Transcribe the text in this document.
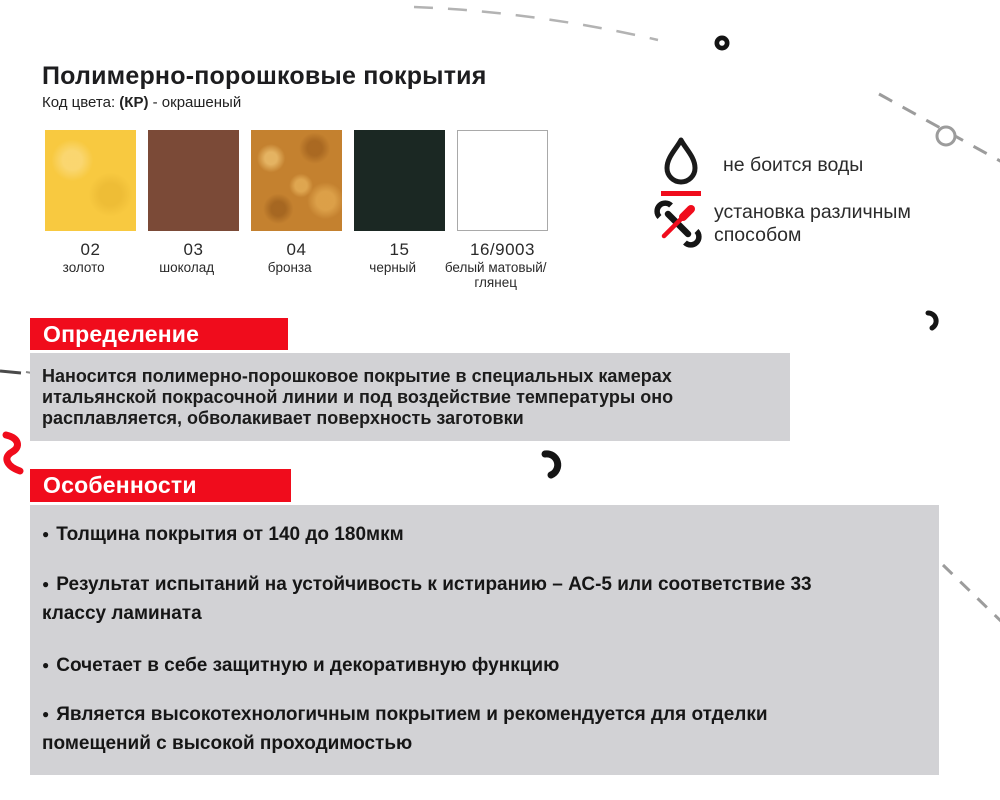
Полимерно-порошковые покрытия
Код цвета: (КР) - окрашеный
02
золото
03
шоколад
04
бронза
15
черный
16/9003
белый матовый/глянец
не боится воды
установка различным способом
Определение
Наносится полимерно-порошковое покрытие в специальных камерах итальянской покрасочной линии и под воздействие температуры оно расплавляется, обволакивает поверхность заготовки
Особенности
● Толщина покрытия от 140 до 180мкм
● Результат испытаний на устойчивость к истиранию – АС-5 или соответствие 33 классу ламината
● Сочетает в себе защитную и декоративную функцию
● Является высокотехнологичным покрытием и рекомендуется для отделки помещений с высокой проходимостью
